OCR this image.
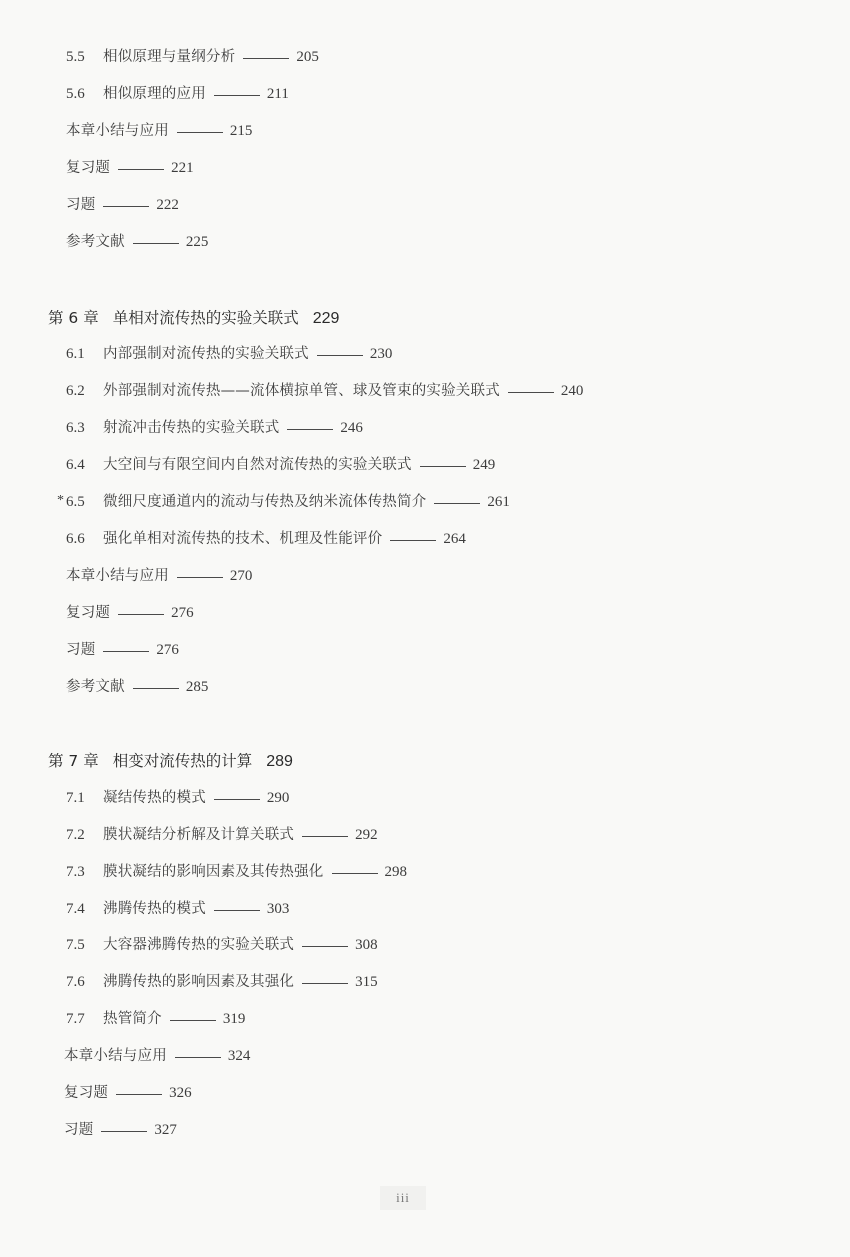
5.5	相似原理与量纲分析	205
5.6	相似原理的应用	211
本章小结与应用	215
复习题	221
习题	222
参考文献	225
第 6 章 单相对流传热的实验关联式 229
6.1	内部强制对流传热的实验关联式	230
6.2	外部强制对流传热——流体横掠单管、球及管束的实验关联式	240
6.3	射流冲击传热的实验关联式	246
6.4	大空间与有限空间内自然对流传热的实验关联式	249
* 6.5	微细尺度通道内的流动与传热及纳米流体传热简介	261
6.6	强化单相对流传热的技术、机理及性能评价	264
本章小结与应用	270
复习题	276
习题	276
参考文献	285
第 7 章 相变对流传热的计算 289
7.1	凝结传热的模式	290
7.2	膜状凝结分析解及计算关联式	292
7.3	膜状凝结的影响因素及其传热强化	298
7.4	沸腾传热的模式	303
7.5	大容器沸腾传热的实验关联式	308
7.6	沸腾传热的影响因素及其强化	315
7.7	热管简介	319
本章小结与应用	324
复习题	326
习题	327
iii
